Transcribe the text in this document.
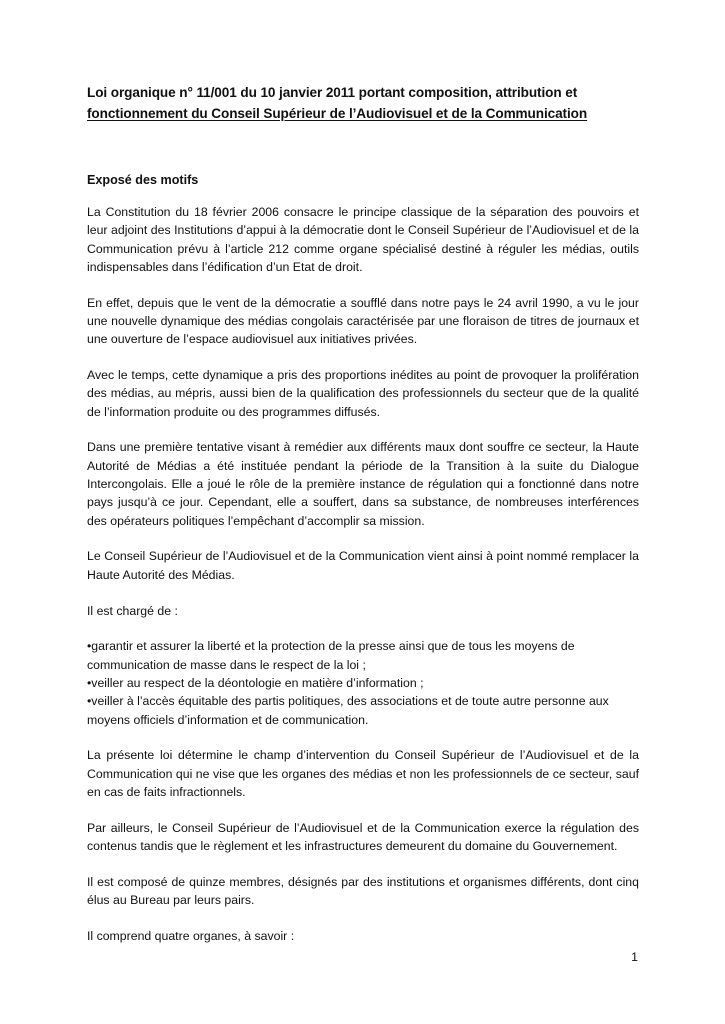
Loi organique n° 11/001 du 10 janvier 2011 portant composition, attribution et
fonctionnement du Conseil Supérieur de l’Audiovisuel et de la Communication
Exposé des motifs

La Constitution du 18 février 2006 consacre le principe classique de la séparation des pouvoirs et leur adjoint des Institutions d’appui à la démocratie dont le Conseil Supérieur de l’Audiovisuel et de la Communication prévu à l’article 212 comme organe spécialisé destiné à réguler les médias, outils indispensables dans l’édification d’un Etat de droit.

En effet, depuis que le vent de la démocratie a soufflé dans notre pays le 24 avril 1990, a vu le jour une nouvelle dynamique des médias congolais caractérisée par une floraison de titres de journaux et une ouverture de l’espace audiovisuel aux initiatives privées.

Avec le temps, cette dynamique a pris des proportions inédites au point de provoquer la prolifération des médias, au mépris, aussi bien de la qualification des professionnels du secteur que de la qualité de l’information produite ou des programmes diffusés.

Dans une première tentative visant à remédier aux différents maux dont souffre ce secteur, la Haute Autorité de Médias a été instituée pendant la période de la Transition à la suite du Dialogue Intercongolais. Elle a joué le rôle de la première instance de régulation qui a fonctionné dans notre pays jusqu’à ce jour. Cependant, elle a souffert, dans sa substance, de nombreuses interférences des opérateurs politiques l’empêchant d’accomplir sa mission.

Le Conseil Supérieur de l’Audiovisuel et de la Communication vient ainsi à point nommé remplacer la Haute Autorité des Médias.

Il est chargé de :

•garantir et assurer la liberté et la protection de la presse ainsi que de tous les moyens de communication de masse dans le respect de la loi ;
•veiller au respect de la déontologie en matière d’information ;
•veiller à l’accès équitable des partis politiques, des associations et de toute autre personne aux moyens officiels d’information et de communication.

La présente loi détermine le champ d’intervention du Conseil Supérieur de l’Audiovisuel et de la Communication qui ne vise que les organes des médias et non les professionnels de ce secteur, sauf en cas de faits infractionnels.

Par ailleurs, le Conseil Supérieur de l’Audiovisuel et de la Communication exerce la régulation des contenus tandis que le règlement et les infrastructures demeurent du domaine du Gouvernement.

Il est composé de quinze membres, désignés par des institutions et organismes différents, dont cinq élus au Bureau par leurs pairs.

Il comprend quatre organes, à savoir :

1
